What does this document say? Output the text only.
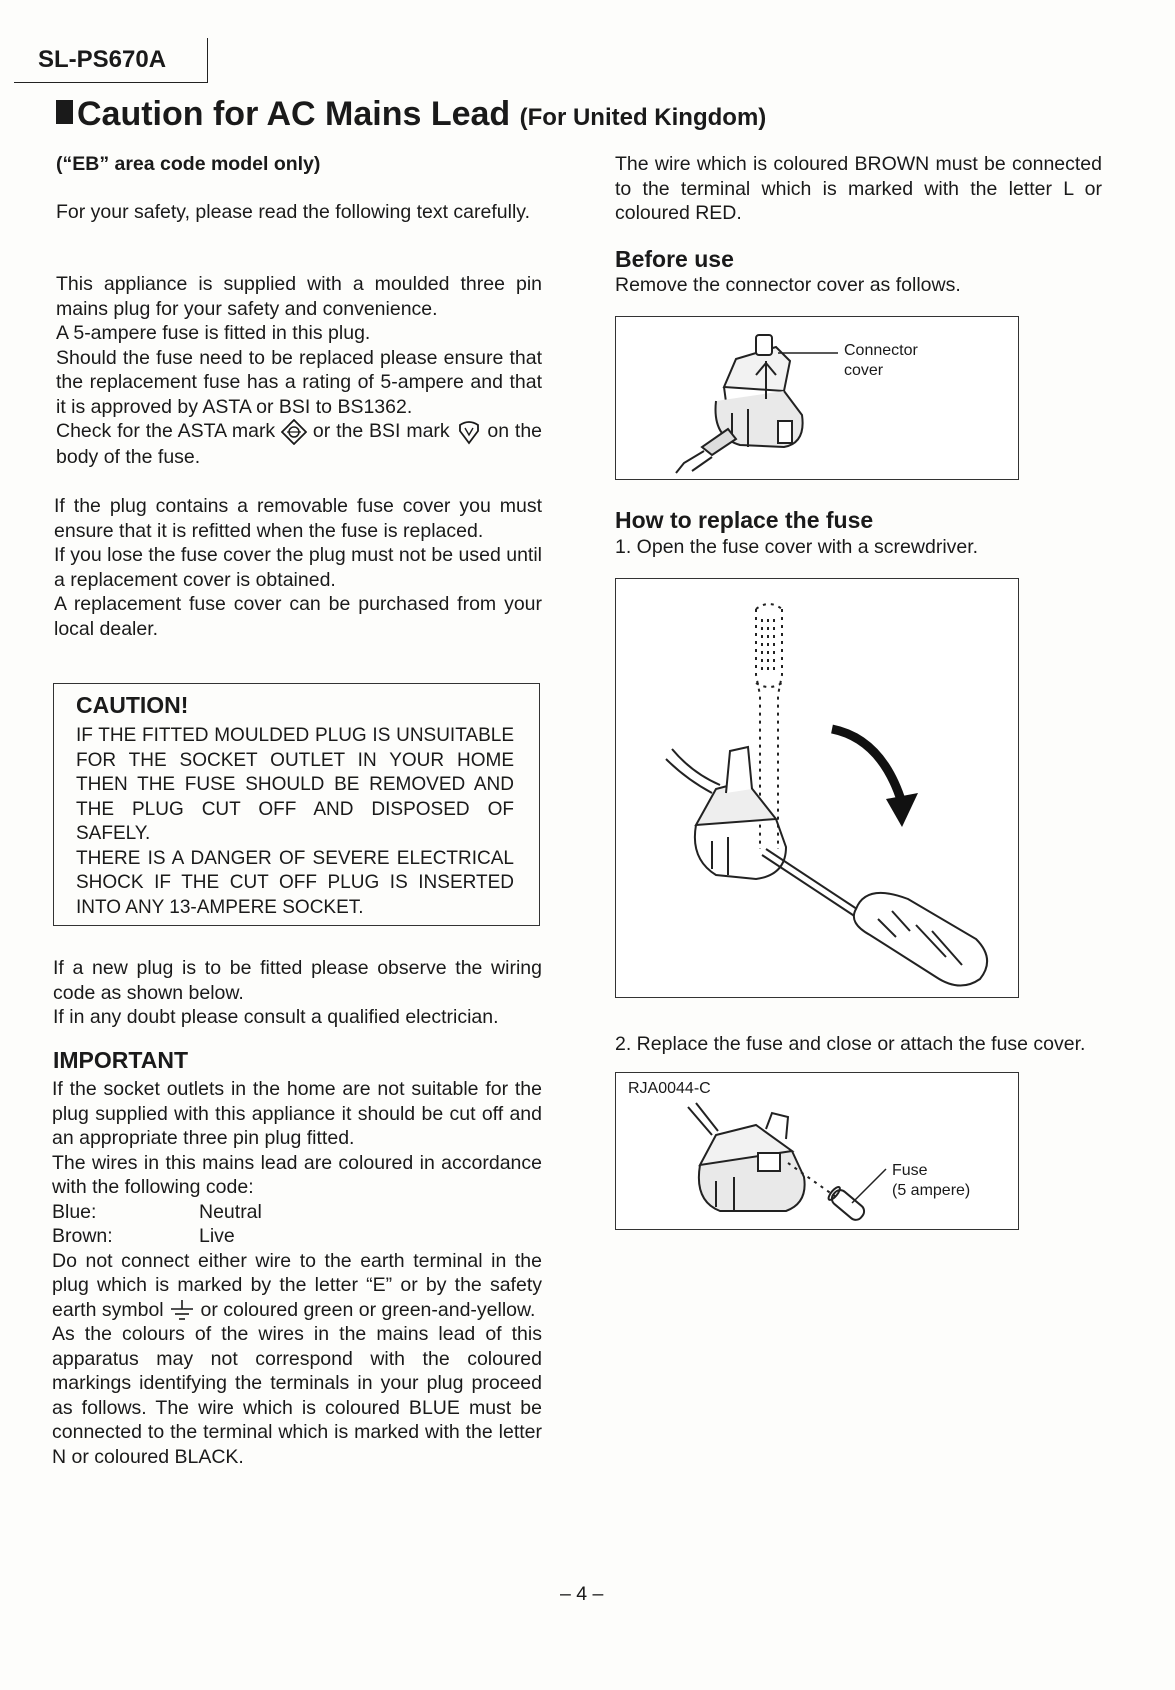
SL-PS670A
Caution for AC Mains Lead (For United Kingdom)
(“EB” area code model only)
For your safety, please read the following text carefully.

This appliance is supplied with a moulded three pin mains plug for your safety and convenience.

A 5-ampere fuse is fitted in this plug.

Should the fuse need to be replaced please ensure that the replacement fuse has a rating of 5-ampere and that it is approved by ASTA or BSI to BS1362.

Check for the ASTA mark or the BSI mark on the body of the fuse.

If the plug contains a removable fuse cover you must ensure that it is refitted when the fuse is replaced.

If you lose the fuse cover the plug must not be used until a replacement cover is obtained.

A replacement fuse cover can be purchased from your local dealer.

CAUTION!

IF THE FITTED MOULDED PLUG IS UNSUITABLE FOR THE SOCKET OUTLET IN YOUR HOME THEN THE FUSE SHOULD BE REMOVED AND THE PLUG CUT OFF AND DISPOSED OF SAFELY.

THERE IS A DANGER OF SEVERE ELECTRICAL SHOCK IF THE CUT OFF PLUG IS INSERTED INTO ANY 13-AMPERE SOCKET.

If a new plug is to be fitted please observe the wiring code as shown below.

If in any doubt please consult a qualified electrician.

IMPORTANT

If the socket outlets in the home are not suitable for the plug supplied with this appliance it should be cut off and an appropriate three pin plug fitted.

The wires in this mains lead are coloured in accordance with the following code:

Blue:	Neutral
Brown:	Live

Do not connect either wire to the earth terminal in the plug which is marked by the letter “E” or by the safety earth symbol or coloured green or green-and-yellow.

As the colours of the wires in the mains lead of this apparatus may not correspond with the coloured markings identifying the terminals in your plug proceed as follows. The wire which is coloured BLUE must be connected to the terminal which is marked with the letter N or coloured BLACK.

The wire which is coloured BROWN must be connected to the terminal which is marked with the letter L or coloured RED.
Before use
Remove the connector cover as follows.
Connector
cover
How to replace the fuse
1. Open the fuse cover with a screwdriver.
2. Replace the fuse and close or attach the fuse cover.
RJA0044-C
Fuse
(5 ampere)
– 4 –
